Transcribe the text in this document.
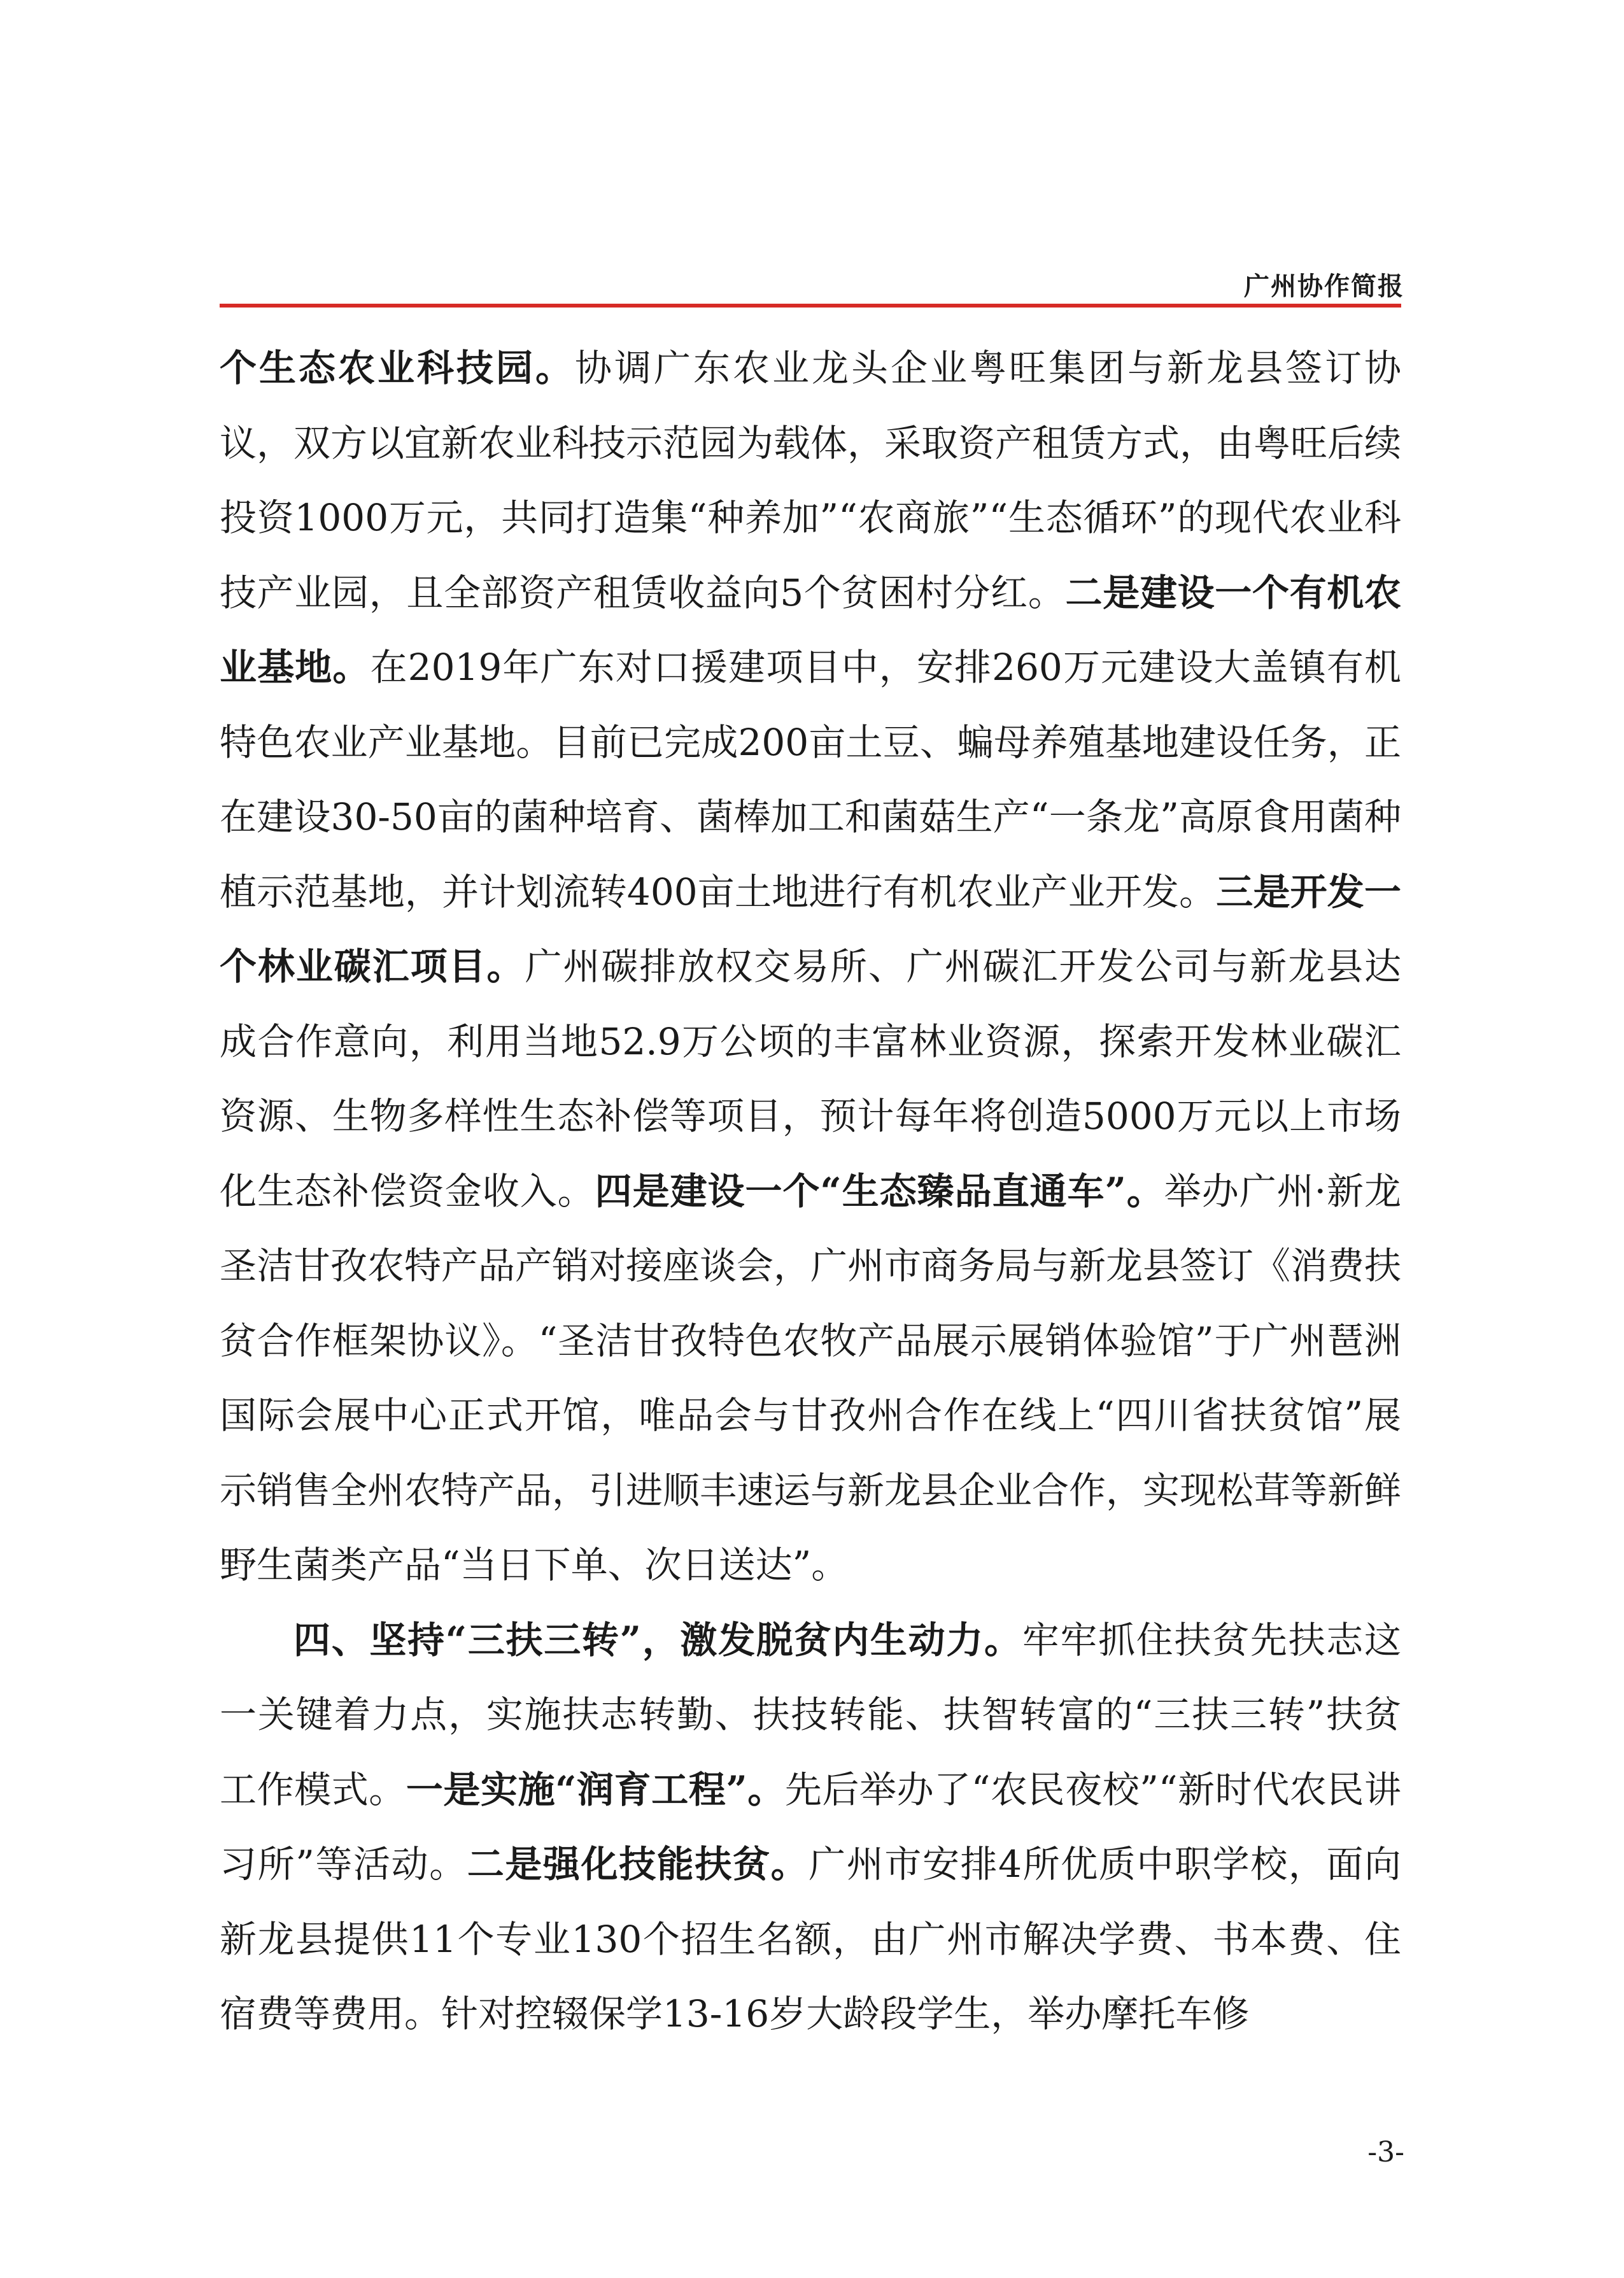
广州协作简报

个生态农业科技园。协调广东农业龙头企业粤旺集团与新龙县签订协议，双方以宜新农业科技示范园为载体，采取资产租赁方式，由粤旺后续投资1000万元，共同打造集“种养加”“农商旅”“生态循环”的现代农业科技产业园，且全部资产租赁收益向5个贫困村分红。二是建设一个有机农业基地。在2019年广东对口援建项目中，安排260万元建设大盖镇有机特色农业产业基地。目前已完成200亩土豆、蝙母养殖基地建设任务，正在建设30-50亩的菌种培育、菌棒加工和菌菇生产“一条龙”高原食用菌种植示范基地，并计划流转400亩土地进行有机农业产业开发。三是开发一个林业碳汇项目。广州碳排放权交易所、广州碳汇开发公司与新龙县达成合作意向，利用当地52.9万公顷的丰富林业资源，探索开发林业碳汇资源、生物多样性生态补偿等项目，预计每年将创造5000万元以上市场化生态补偿资金收入。四是建设一个“生态臻品直通车”。举办广州·新龙圣洁甘孜农特产品产销对接座谈会，广州市商务局与新龙县签订《消费扶贫合作框架协议》。“圣洁甘孜特色农牧产品展示展销体验馆”于广州琶洲国际会展中心正式开馆，唯品会与甘孜州合作在线上“四川省扶贫馆”展示销售全州农特产品，引进顺丰速运与新龙县企业合作，实现松茸等新鲜野生菌类产品“当日下单、次日送达”。

四、坚持“三扶三转”，激发脱贫内生动力。牢牢抓住扶贫先扶志这一关键着力点，实施扶志转勤、扶技转能、扶智转富的“三扶三转”扶贫工作模式。一是实施“润育工程”。先后举办了“农民夜校”“新时代农民讲习所”等活动。二是强化技能扶贫。广州市安排4所优质中职学校，面向新龙县提供11个专业130个招生名额，由广州市解决学费、书本费、住宿费等费用。针对控辍保学13-16岁大龄段学生，举办摩托车修

-3-
